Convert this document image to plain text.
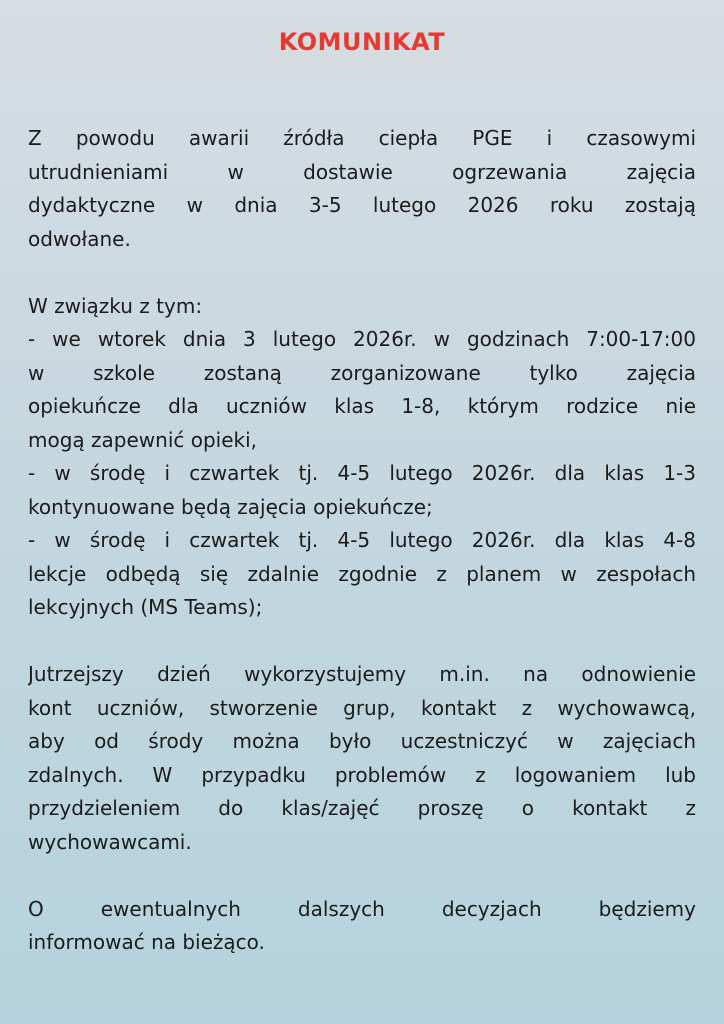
KOMUNIKAT

Z powodu awarii źródła ciepła PGE i czasowymi
utrudnieniami w dostawie ogrzewania zajęcia
dydaktyczne w dnia 3-5 lutego 2026 roku zostają
odwołane.

W związku z tym:
- we wtorek dnia 3 lutego 2026r. w godzinach 7:00-17:00
w szkole zostaną zorganizowane tylko zajęcia
opiekuńcze dla uczniów klas 1-8, którym rodzice nie
mogą zapewnić opieki,
- w środę i czwartek tj. 4-5 lutego 2026r. dla klas 1-3
kontynuowane będą zajęcia opiekuńcze;
- w środę i czwartek tj. 4-5 lutego 2026r. dla klas 4-8
lekcje odbędą się zdalnie zgodnie z planem w zespołach
lekcyjnych (MS Teams);

Jutrzejszy dzień wykorzystujemy m.in. na odnowienie
kont uczniów, stworzenie grup, kontakt z wychowawcą,
aby od środy można było uczestniczyć w zajęciach
zdalnych. W przypadku problemów z logowaniem lub
przydzieleniem do klas/zajęć proszę o kontakt z
wychowawcami.

O ewentualnych dalszych decyzjach będziemy
informować na bieżąco.
